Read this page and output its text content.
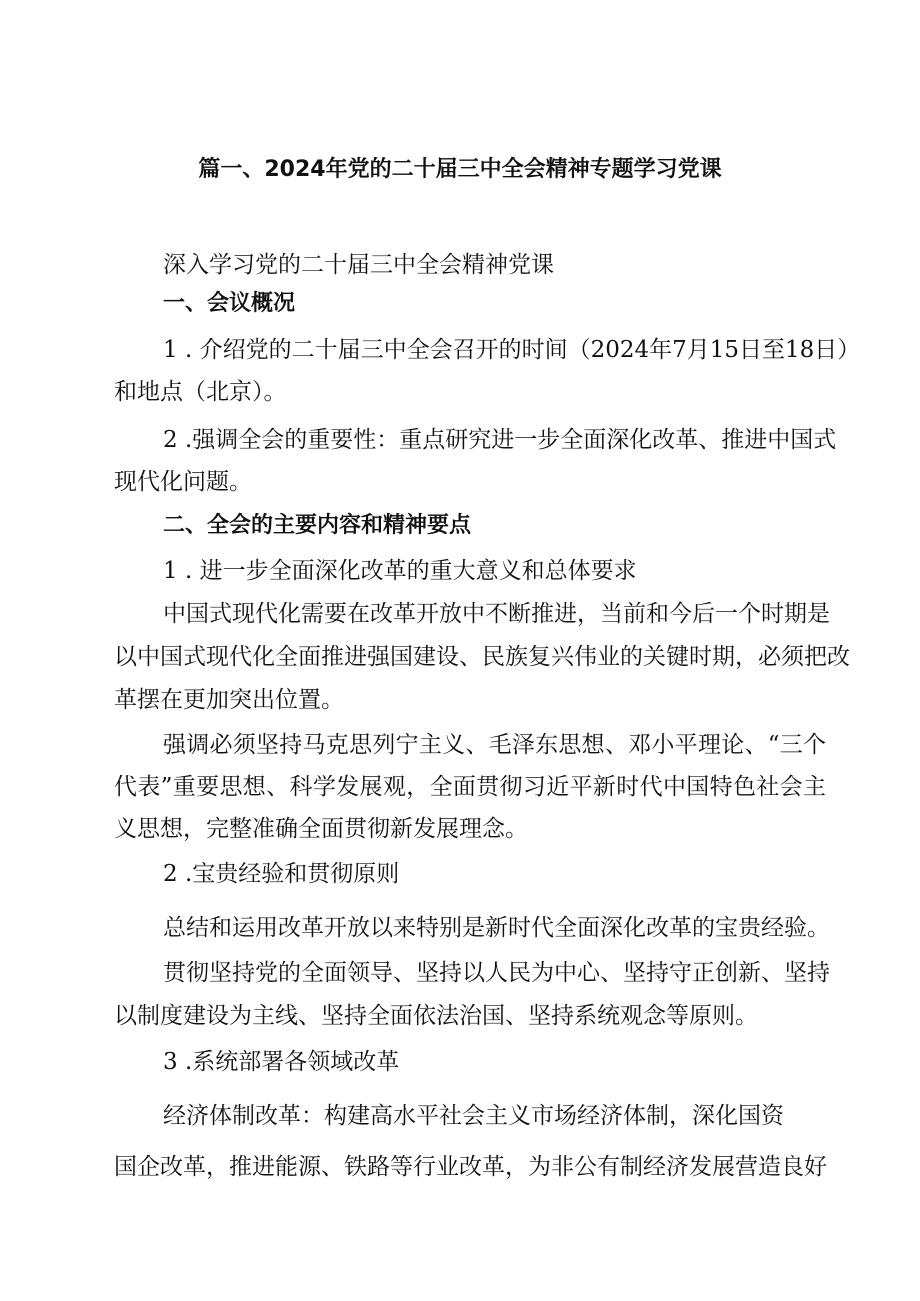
篇一、2024年党的二十届三中全会精神专题学习党课
深入学习党的二十届三中全会精神党课
一、会议概况
1 . 介绍党的二十届三中全会召开的时间（2024年7月15日至18日）
和地点（北京）。
2 .强调全会的重要性：重点研究进一步全面深化改革、推进中国式
现代化问题。
二、全会的主要内容和精神要点
1 . 进一步全面深化改革的重大意义和总体要求
中国式现代化需要在改革开放中不断推进，当前和今后一个时期是
以中国式现代化全面推进强国建设、民族复兴伟业的关键时期，必须把改
革摆在更加突出位置。
强调必须坚持马克思列宁主义、毛泽东思想、邓小平理论、“三个
代表”重要思想、科学发展观，全面贯彻习近平新时代中国特色社会主
义思想，完整准确全面贯彻新发展理念。
2 .宝贵经验和贯彻原则
总结和运用改革开放以来特别是新时代全面深化改革的宝贵经验。
贯彻坚持党的全面领导、坚持以人民为中心、坚持守正创新、坚持
以制度建设为主线、坚持全面依法治国、坚持系统观念等原则。
3 .系统部署各领域改革
经济体制改革：构建高水平社会主义市场经济体制，深化国资
国企改革，推进能源、铁路等行业改革，为非公有制经济发展营造良好
